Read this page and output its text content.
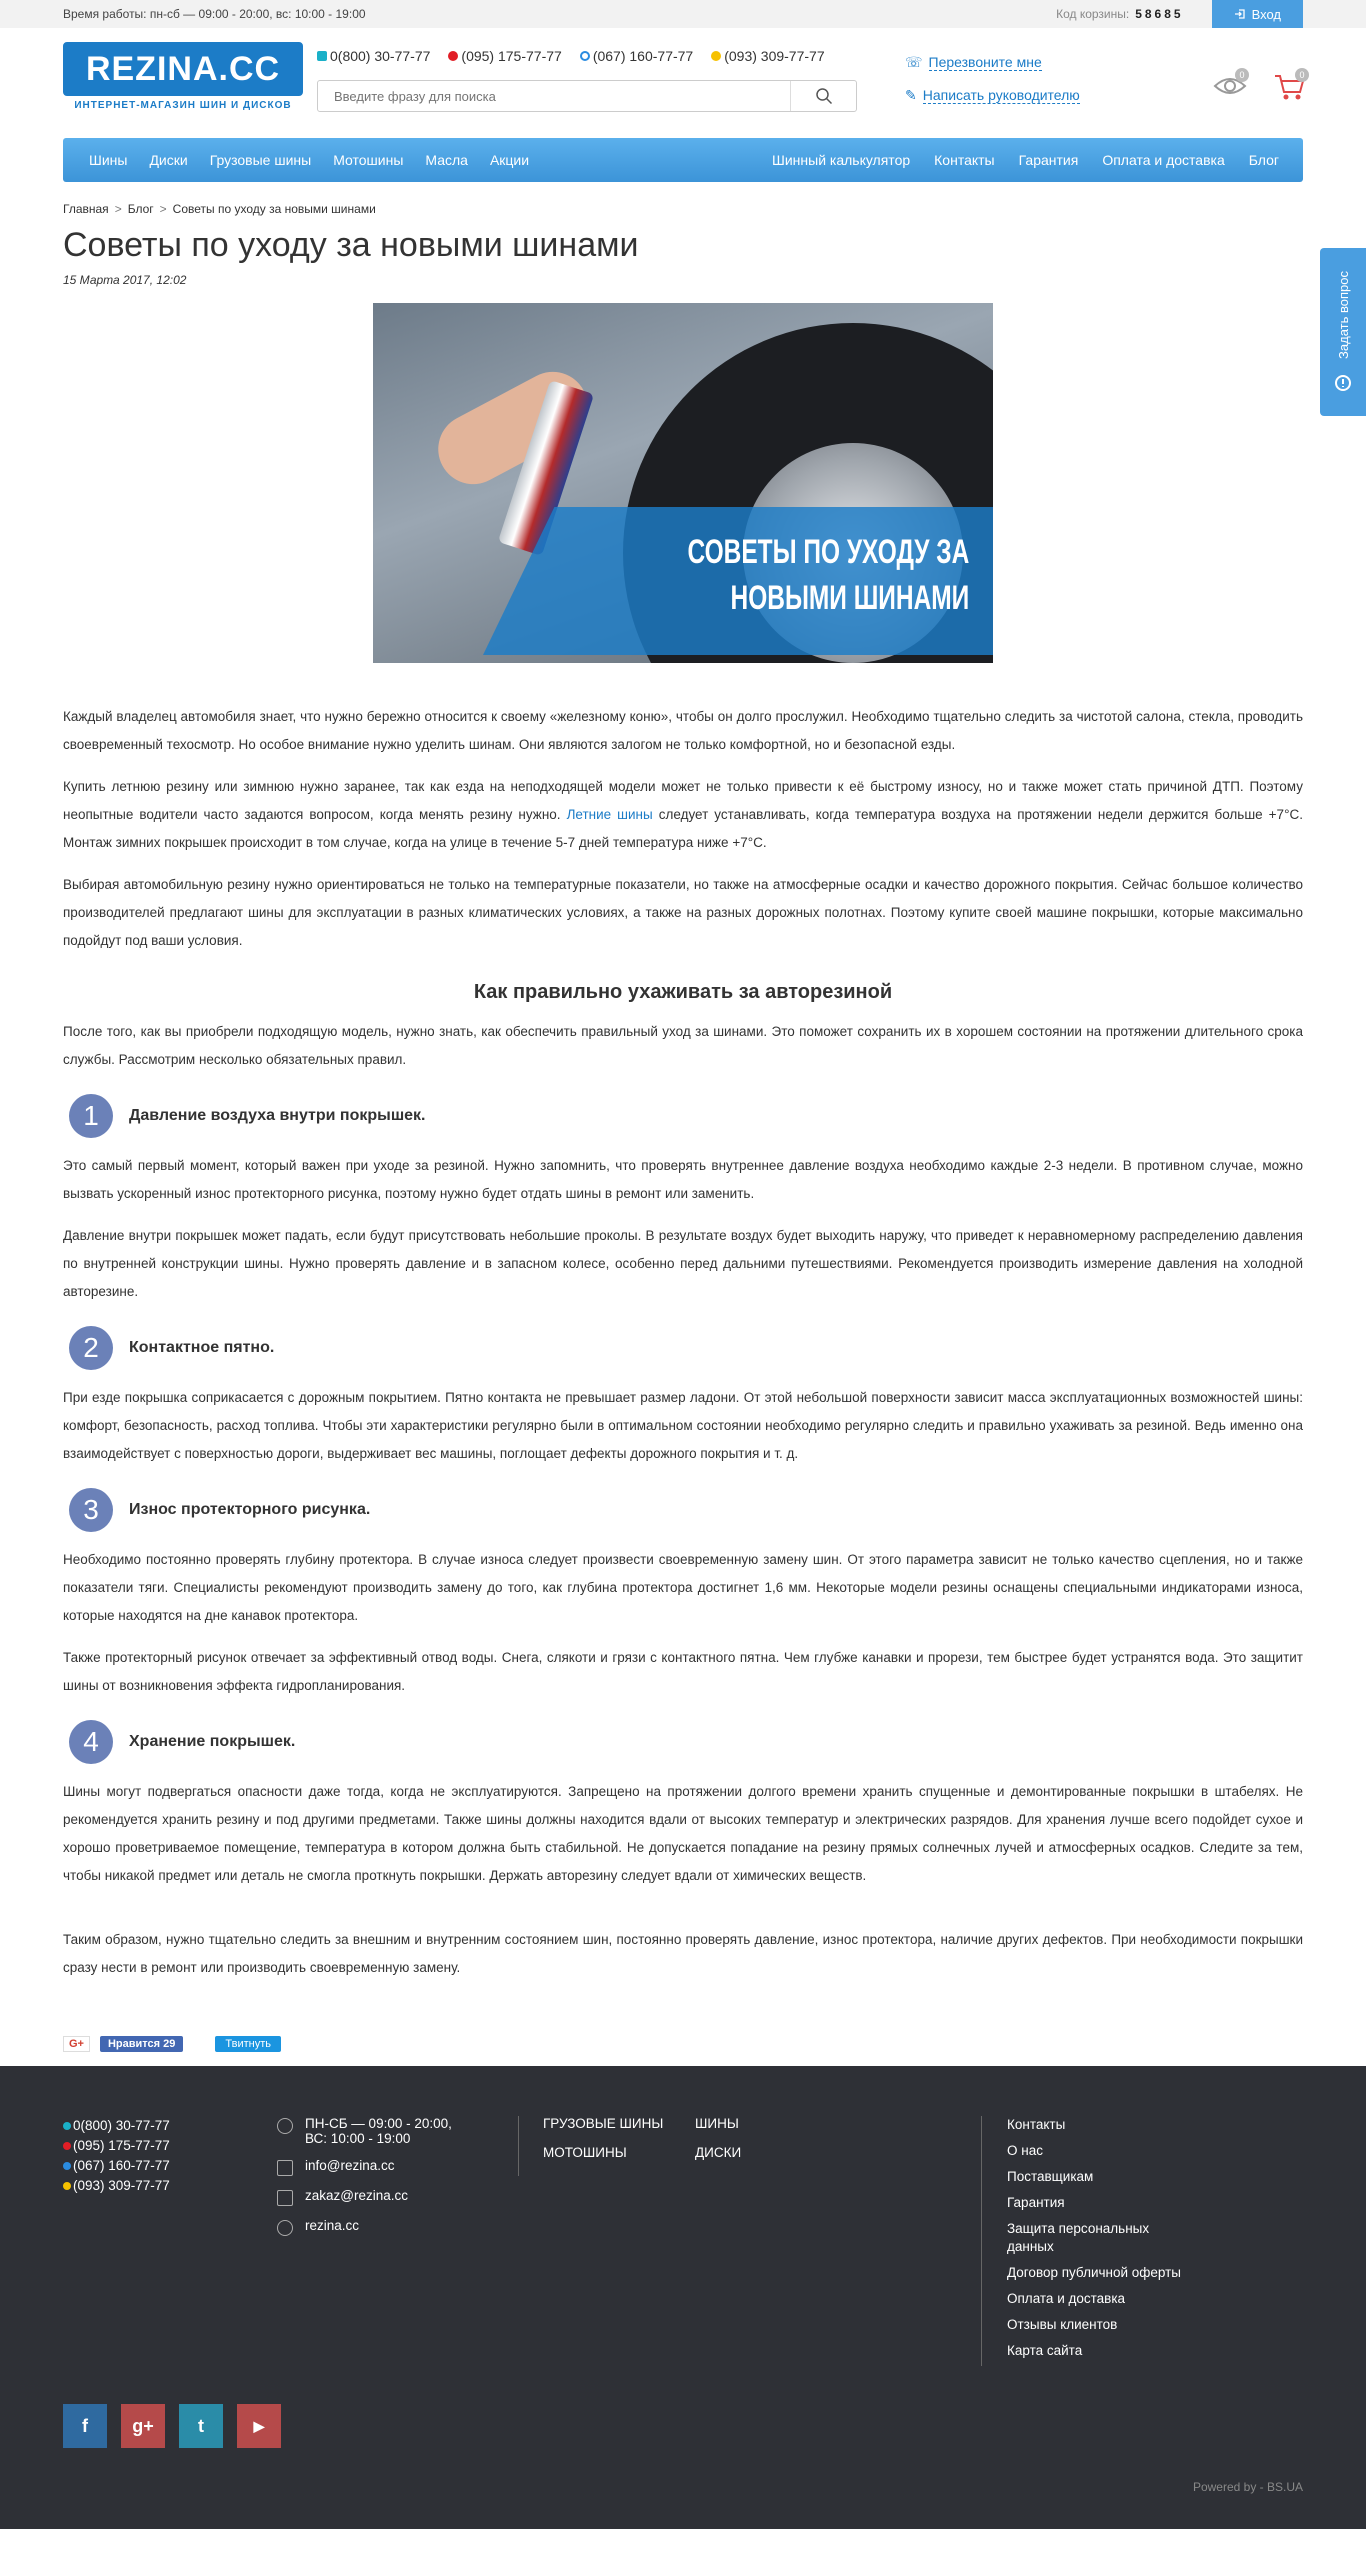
Время работы: пн-сб — 09:00 - 20:00, вс: 10:00 - 19:00	Код корзины: 58685	Вход
REZINA.CC
ИНТЕРНЕТ-МАГАЗИН ШИН И ДИСКОВ
0(800) 30-77-77 (095) 175-77-77 (067) 160-77-77 (093) 309-77-77
Введите фразу для поиска	☏ Перезвоните мне
✎ Написать руководителю
0	0
Шины	Диски	Грузовые шины	Мотошины	Масла	Акции	Шинный калькулятор	Контакты	Гарантия	Оплата и доставка	Блог
Главная > Блог > Советы по уходу за новыми шинами
Советы по уходу за новыми шинами
15 Марта 2017, 12:02
СОВЕТЫ ПО УХОДУ ЗА
НОВЫМИ ШИНАМИ

Каждый владелец автомобиля знает, что нужно бережно относится к своему «железному коню», чтобы он долго прослужил. Необходимо тщательно следить за чистотой салона, стекла, проводить своевременный техосмотр. Но особое внимание нужно уделить шинам. Они являются залогом не только комфортной, но и безопасной езды.

Купить летнюю резину или зимнюю нужно заранее, так как езда на неподходящей модели может не только привести к её быстрому износу, но и также может стать причиной ДТП. Поэтому неопытные водители часто задаются вопросом, когда менять резину нужно. Летние шины следует устанавливать, когда температура воздуха на протяжении недели держится больше +7°С. Монтаж зимних покрышек происходит в том случае, когда на улице в течение 5-7 дней температура ниже +7°С.

Выбирая автомобильную резину нужно ориентироваться не только на температурные показатели, но также на атмосферные осадки и качество дорожного покрытия. Сейчас большое количество производителей предлагают шины для эксплуатации в разных климатических условиях, а также на разных дорожных полотнах. Поэтому купите своей машине покрышки, которые максимально подойдут под ваши условия.

Как правильно ухаживать за авторезиной

После того, как вы приобрели подходящую модель, нужно знать, как обеспечить правильный уход за шинами. Это поможет сохранить их в хорошем состоянии на протяжении длительного срока службы. Рассмотрим несколько обязательных правил.

1	Давление воздуха внутри покрышек.

Это самый первый момент, который важен при уходе за резиной. Нужно запомнить, что проверять внутреннее давление воздуха необходимо каждые 2-3 недели. В противном случае, можно вызвать ускоренный износ протекторного рисунка, поэтому нужно будет отдать шины в ремонт или заменить.

Давление внутри покрышек может падать, если будут присутствовать небольшие проколы. В результате воздух будет выходить наружу, что приведет к неравномерному распределению давления по внутренней конструкции шины. Нужно проверять давление и в запасном колесе, особенно перед дальними путешествиями. Рекомендуется производить измерение давления на холодной авторезине.

2	Контактное пятно.

При езде покрышка соприкасается с дорожным покрытием. Пятно контакта не превышает размер ладони. От этой небольшой поверхности зависит масса эксплуатационных возможностей шины: комфорт, безопасность, расход топлива. Чтобы эти характеристики регулярно были в оптимальном состоянии необходимо регулярно следить и правильно ухаживать за резиной. Ведь именно она взаимодействует с поверхностью дороги, выдерживает вес машины, поглощает дефекты дорожного покрытия и т. д.

3	Износ протекторного рисунка.

Необходимо постоянно проверять глубину протектора. В случае износа следует произвести своевременную замену шин. От этого параметра зависит не только качество сцепления, но и также показатели тяги. Специалисты рекомендуют производить замену до того, как глубина протектора достигнет 1,6 мм. Некоторые модели резины оснащены специальными индикаторами износа, которые находятся на дне канавок протектора.

Также протекторный рисунок отвечает за эффективный отвод воды. Снега, слякоти и грязи с контактного пятна. Чем глубже канавки и прорези, тем быстрее будет устранятся вода. Это защитит шины от возникновения эффекта гидропланирования.

4	Хранение покрышек.

Шины могут подвергаться опасности даже тогда, когда не эксплуатируются. Запрещено на протяжении долгого времени хранить спущенные и демонтированные покрышки в штабелях. Не рекомендуется хранить резину и под другими предметами. Также шины должны находится вдали от высоких температур и электрических разрядов. Для хранения лучше всего подойдет сухое и хорошо проветриваемое помещение, температура в котором должна быть стабильной. Не допускается попадание на резину прямых солнечных лучей и атмосферных осадков. Следите за тем, чтобы никакой предмет или деталь не смогла проткнуть покрышки. Держать авторезину следует вдали от химических веществ.

Таким образом, нужно тщательно следить за внешним и внутренним состоянием шин, постоянно проверять давление, износ протектора, наличие других дефектов. При необходимости покрышки сразу нести в ремонт или производить своевременную замену.

G+	Нравится 29	Твитнуть
0(800) 30-77-77
(095) 175-77-77
(067) 160-77-77
(093) 309-77-77
ПН-СБ — 09:00 - 20:00,
ВС: 10:00 - 19:00
info@rezina.cc
zakaz@rezina.cc
rezina.cc
ГРУЗОВЫЕ ШИНЫ	ШИНЫ
МОТОШИНЫ	ДИСКИ
Контакты
О нас
Поставщикам
Гарантия
Защита персональных данных
Договор публичной оферты
Оплата и доставка
Отзывы клиентов
Карта сайта
f	g+	t	▶
Powered by - BS.UA
Задать вопрос
